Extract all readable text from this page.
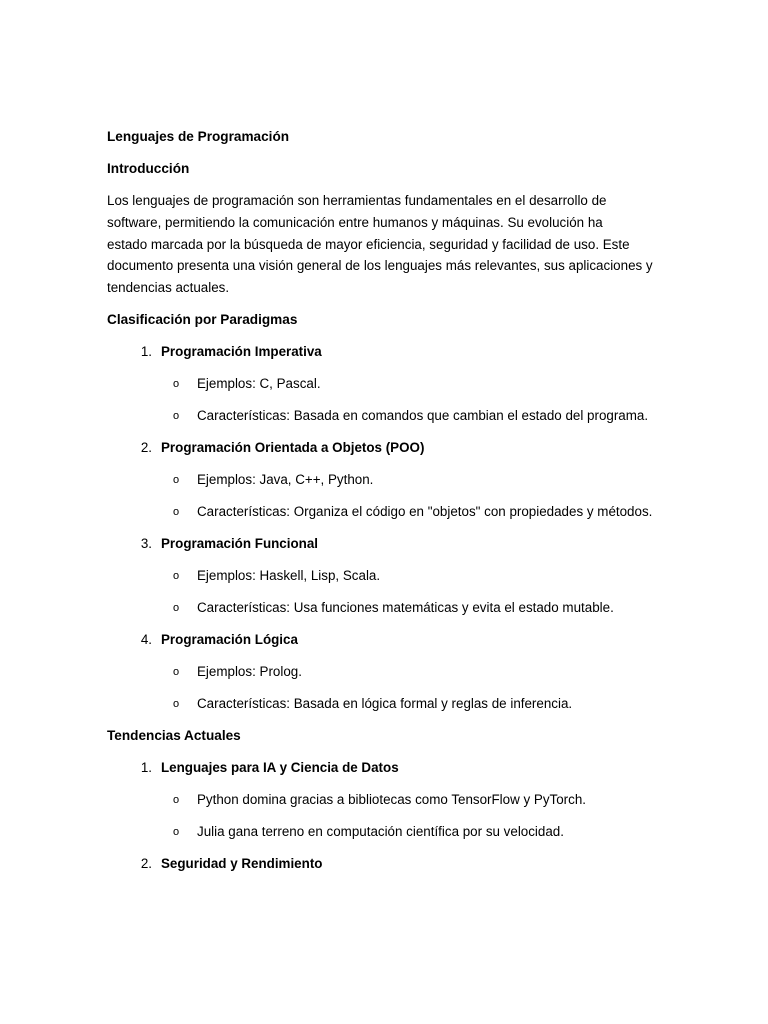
Lenguajes de Programación
Introducción
Los lenguajes de programación son herramientas fundamentales en el desarrollo de
software, permitiendo la comunicación entre humanos y máquinas. Su evolución ha
estado marcada por la búsqueda de mayor eficiencia, seguridad y facilidad de uso. Este
documento presenta una visión general de los lenguajes más relevantes, sus aplicaciones y
tendencias actuales.
Clasificación por Paradigmas
1. Programación Imperativa
o	Ejemplos: C, Pascal.
o	Características: Basada en comandos que cambian el estado del programa.
2. Programación Orientada a Objetos (POO)
o	Ejemplos: Java, C++, Python.
o	Características: Organiza el código en "objetos" con propiedades y métodos.
3. Programación Funcional
o	Ejemplos: Haskell, Lisp, Scala.
o	Características: Usa funciones matemáticas y evita el estado mutable.
4. Programación Lógica
o	Ejemplos: Prolog.
o	Características: Basada en lógica formal y reglas de inferencia.
Tendencias Actuales
1. Lenguajes para IA y Ciencia de Datos
o	Python domina gracias a bibliotecas como TensorFlow y PyTorch.
o	Julia gana terreno en computación científica por su velocidad.
2. Seguridad y Rendimiento
